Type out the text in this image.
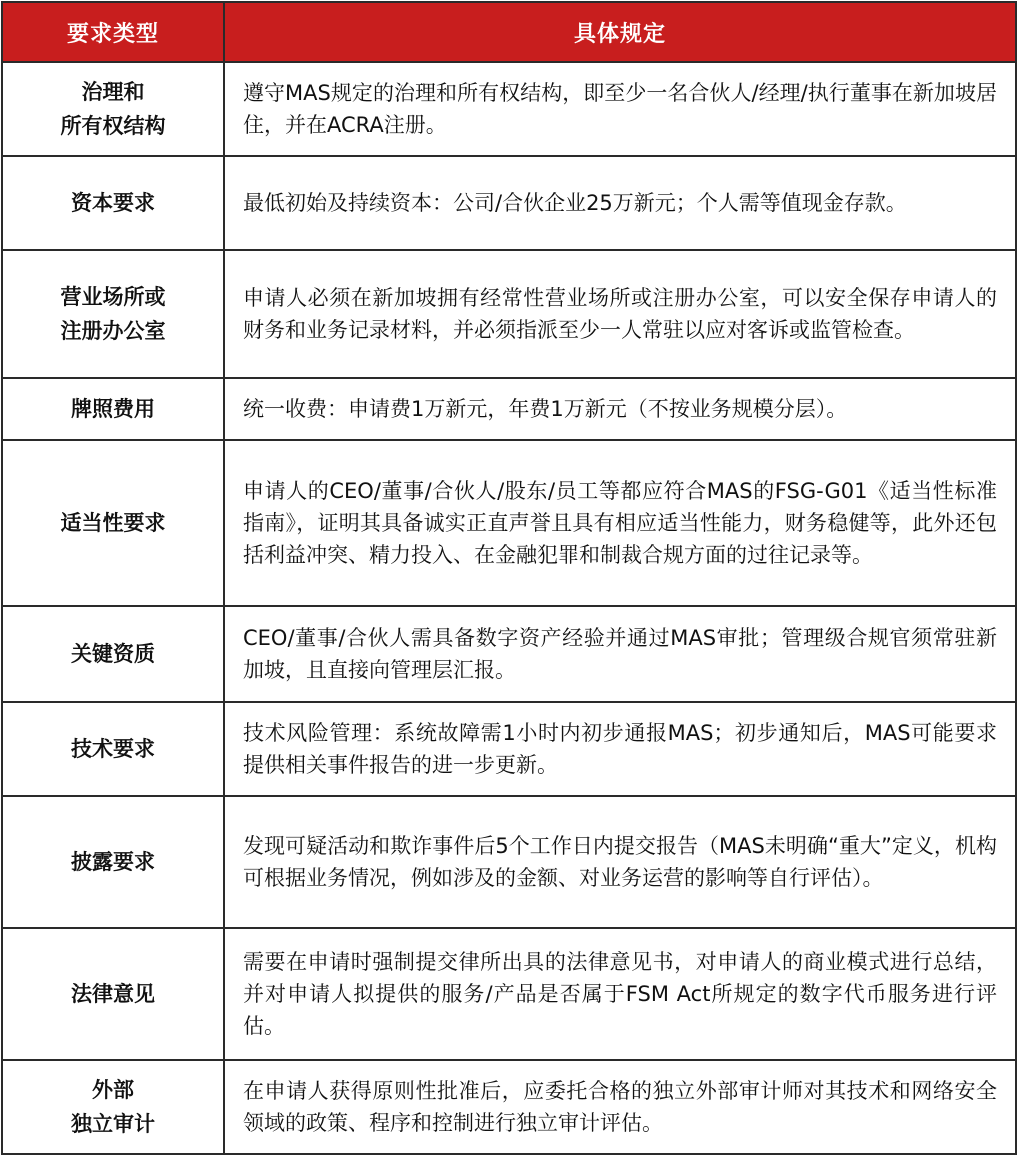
要求类型	具体规定

治理和
所有权结构	遵守MAS规定的治理和所有权结构，即至少一名合伙人/经理/执行董事在新加坡居住，并在ACRA注册。

资本要求	最低初始及持续资本：公司/合伙企业25万新元；个人需等值现金存款。

营业场所或
注册办公室	申请人必须在新加坡拥有经常性营业场所或注册办公室，可以安全保存申请人的财务和业务记录材料，并必须指派至少一人常驻以应对客诉或监管检查。

牌照费用	统一收费：申请费1万新元，年费1万新元（不按业务规模分层）。

适当性要求	申请人的CEO/董事/合伙人/股东/员工等都应符合MAS的FSG-G01《适当性标准指南》，证明其具备诚实正直声誉且具有相应适当性能力，财务稳健等，此外还包括利益冲突、精力投入、在金融犯罪和制裁合规方面的过往记录等。

关键资质	CEO/董事/合伙人需具备数字资产经验并通过MAS审批；管理级合规官须常驻新加坡，且直接向管理层汇报。

技术要求	技术风险管理：系统故障需1小时内初步通报MAS；初步通知后，MAS可能要求提供相关事件报告的进一步更新。

披露要求	发现可疑活动和欺诈事件后5个工作日内提交报告（MAS未明确“重大”定义，机构可根据业务情况，例如涉及的金额、对业务运营的影响等自行评估）。

法律意见	需要在申请时强制提交律所出具的法律意见书，对申请人的商业模式进行总结，并对申请人拟提供的服务/产品是否属于FSM Act所规定的数字代币服务进行评估。

外部
独立审计	在申请人获得原则性批准后，应委托合格的独立外部审计师对其技术和网络安全领域的政策、程序和控制进行独立审计评估。
